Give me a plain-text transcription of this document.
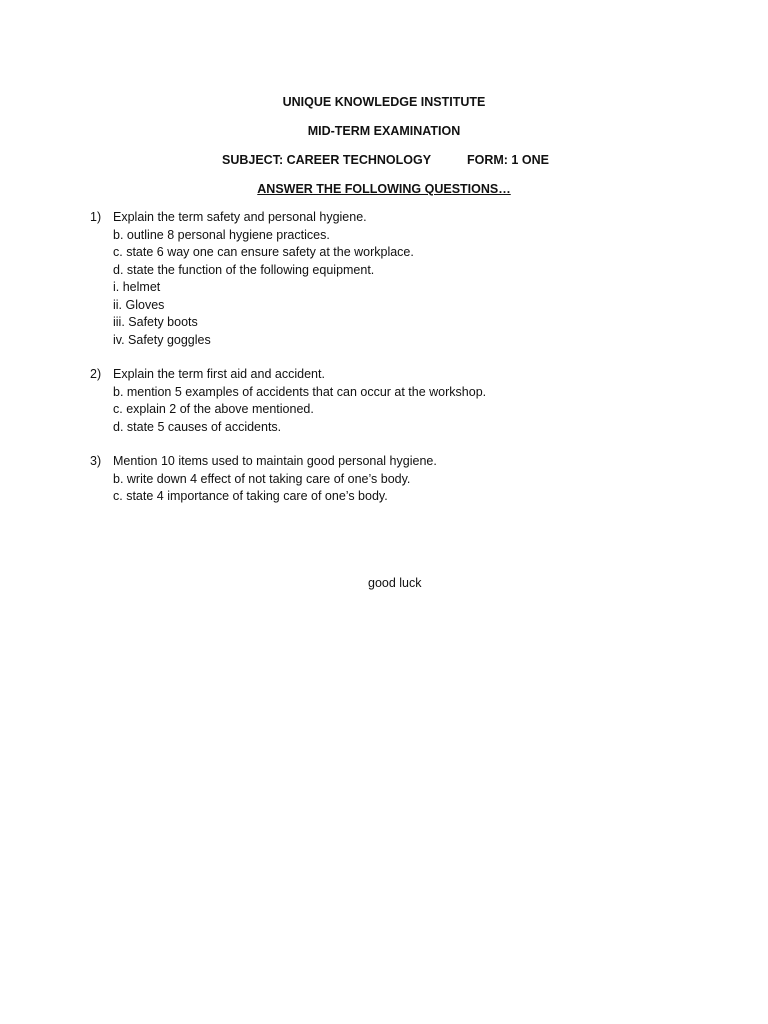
UNIQUE KNOWLEDGE INSTITUTE
MID-TERM EXAMINATION
SUBJECT: CAREER TECHNOLOGY	FORM: 1 ONE
ANSWER THE FOLLOWING QUESTIONS…
1) Explain the term safety and personal hygiene.
b. outline 8 personal hygiene practices.
c. state 6 way one can ensure safety at the workplace.
d. state the function of the following equipment.
i. helmet
ii. Gloves
iii. Safety boots
iv. Safety goggles
2) Explain the term first aid and accident.
b. mention 5 examples of accidents that can occur at the workshop.
c. explain 2 of the above mentioned.
d. state 5 causes of accidents.
3) Mention 10 items used to maintain good personal hygiene.
b. write down 4 effect of not taking care of one’s body.
c. state 4 importance of taking care of one’s body.
good luck
